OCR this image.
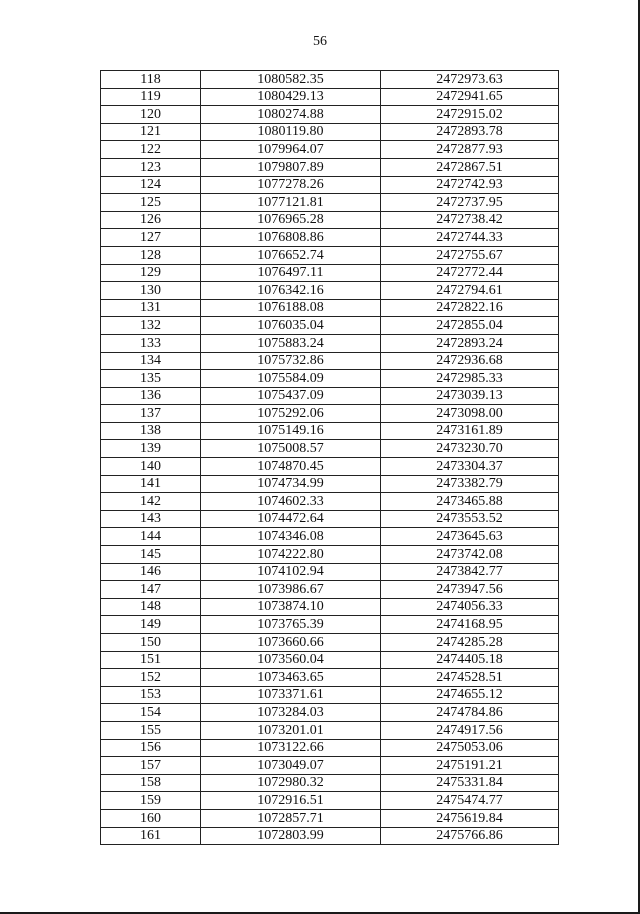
56
118	1080582.35	2472973.63
119	1080429.13	2472941.65
120	1080274.88	2472915.02
121	1080119.80	2472893.78
122	1079964.07	2472877.93
123	1079807.89	2472867.51
124	1077278.26	2472742.93
125	1077121.81	2472737.95
126	1076965.28	2472738.42
127	1076808.86	2472744.33
128	1076652.74	2472755.67
129	1076497.11	2472772.44
130	1076342.16	2472794.61
131	1076188.08	2472822.16
132	1076035.04	2472855.04
133	1075883.24	2472893.24
134	1075732.86	2472936.68
135	1075584.09	2472985.33
136	1075437.09	2473039.13
137	1075292.06	2473098.00
138	1075149.16	2473161.89
139	1075008.57	2473230.70
140	1074870.45	2473304.37
141	1074734.99	2473382.79
142	1074602.33	2473465.88
143	1074472.64	2473553.52
144	1074346.08	2473645.63
145	1074222.80	2473742.08
146	1074102.94	2473842.77
147	1073986.67	2473947.56
148	1073874.10	2474056.33
149	1073765.39	2474168.95
150	1073660.66	2474285.28
151	1073560.04	2474405.18
152	1073463.65	2474528.51
153	1073371.61	2474655.12
154	1073284.03	2474784.86
155	1073201.01	2474917.56
156	1073122.66	2475053.06
157	1073049.07	2475191.21
158	1072980.32	2475331.84
159	1072916.51	2475474.77
160	1072857.71	2475619.84
161	1072803.99	2475766.86
